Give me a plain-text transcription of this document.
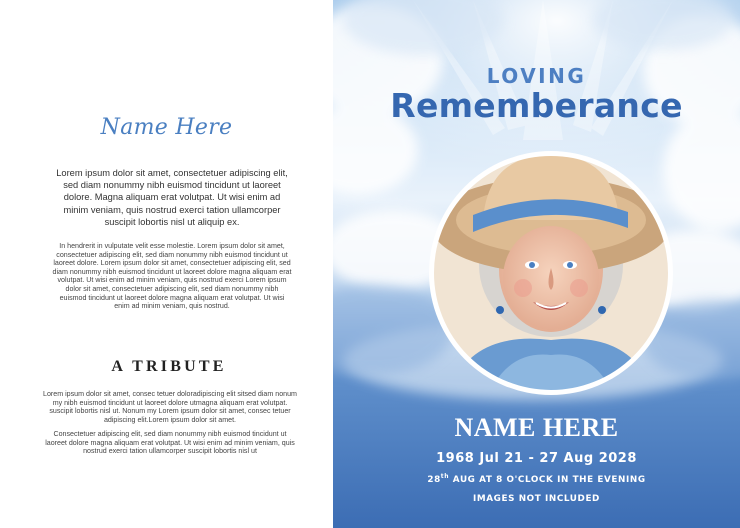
Name Here

Lorem ipsum dolor sit amet, consectetuer adipiscing elit, sed diam nonummy nibh euismod tincidunt ut laoreet dolore. Magna aliquam erat volutpat. Ut wisi enim ad minim veniam, quis nostrud exerci tation ullamcorper suscipit lobortis nisl ut aliquip ex.

In hendrerit in vulputate velit esse molestie. Lorem ipsum dolor sit amet, consectetuer adipiscing elit, sed diam nonummy nibh euismod tincidunt ut laoreet dolore. Lorem ipsum dolor sit amet, consectetuer adipiscing elit, sed diam nonummy nibh euismod tincidunt ut laoreet dolore magna aliquam erat volutpat. Ut wisi enim ad minim veniam, quis nostrud exerci Lorem ipsum dolor sit amet, consectetuer adipiscing elit, sed diam nonummy nibh euismod tincidunt ut laoreet dolore magna aliquam erat volutpat. Ut wisi enim ad minim veniam, quis nostrud.

A TRIBUTE

Lorem ipsum dolor sit amet, consec tetuer doloradipiscing elit sitsed diam nonum my nibh euismod tincidunt ut laoreet dolore utmagna aliquam erat volutpat. suscipit lobortis nisl ut. Nonum my Lorem ipsum dolor sit amet, consec tetuer adipiscing elit.Lorem ipsum dolor sit amet.

Consectetuer adipiscing elit, sed diam nonummy nibh euismod tincidunt ut laoreet dolore magna aliquam erat volutpat. Ut wisi enim ad minim veniam, quis nostrud exerci tation ullamcorper suscipit lobortis nisl ut

LOVING
Rememberance
NAME HERE
1968 Jul 21 - 27 Aug 2028
28th AUG AT 8 O'CLOCK IN THE EVENING
IMAGES NOT INCLUDED
